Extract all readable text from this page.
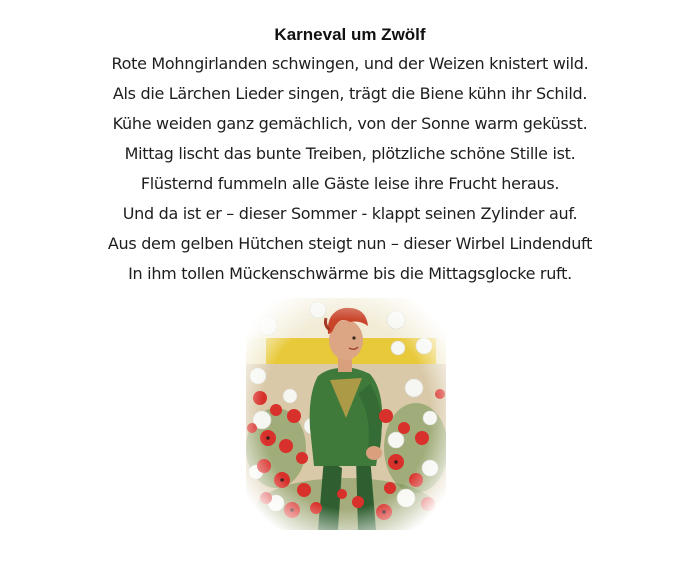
Karneval um Zwölf
Rote Mohngirlanden schwingen, und der Weizen knistert wild.
Als die Lärchen Lieder singen, trägt die Biene kühn ihr Schild.
Kühe weiden ganz gemächlich, von der Sonne warm geküsst.
Mittag lischt das bunte Treiben, plötzliche schöne Stille ist.
Flüsternd fummeln alle Gäste leise ihre Frucht heraus.
Und da ist er – dieser Sommer - klappt seinen Zylinder auf.
Aus dem gelben Hütchen steigt nun – dieser Wirbel Lindenduft
In ihm tollen Mückenschwärme bis die Mittagsglocke ruft.
